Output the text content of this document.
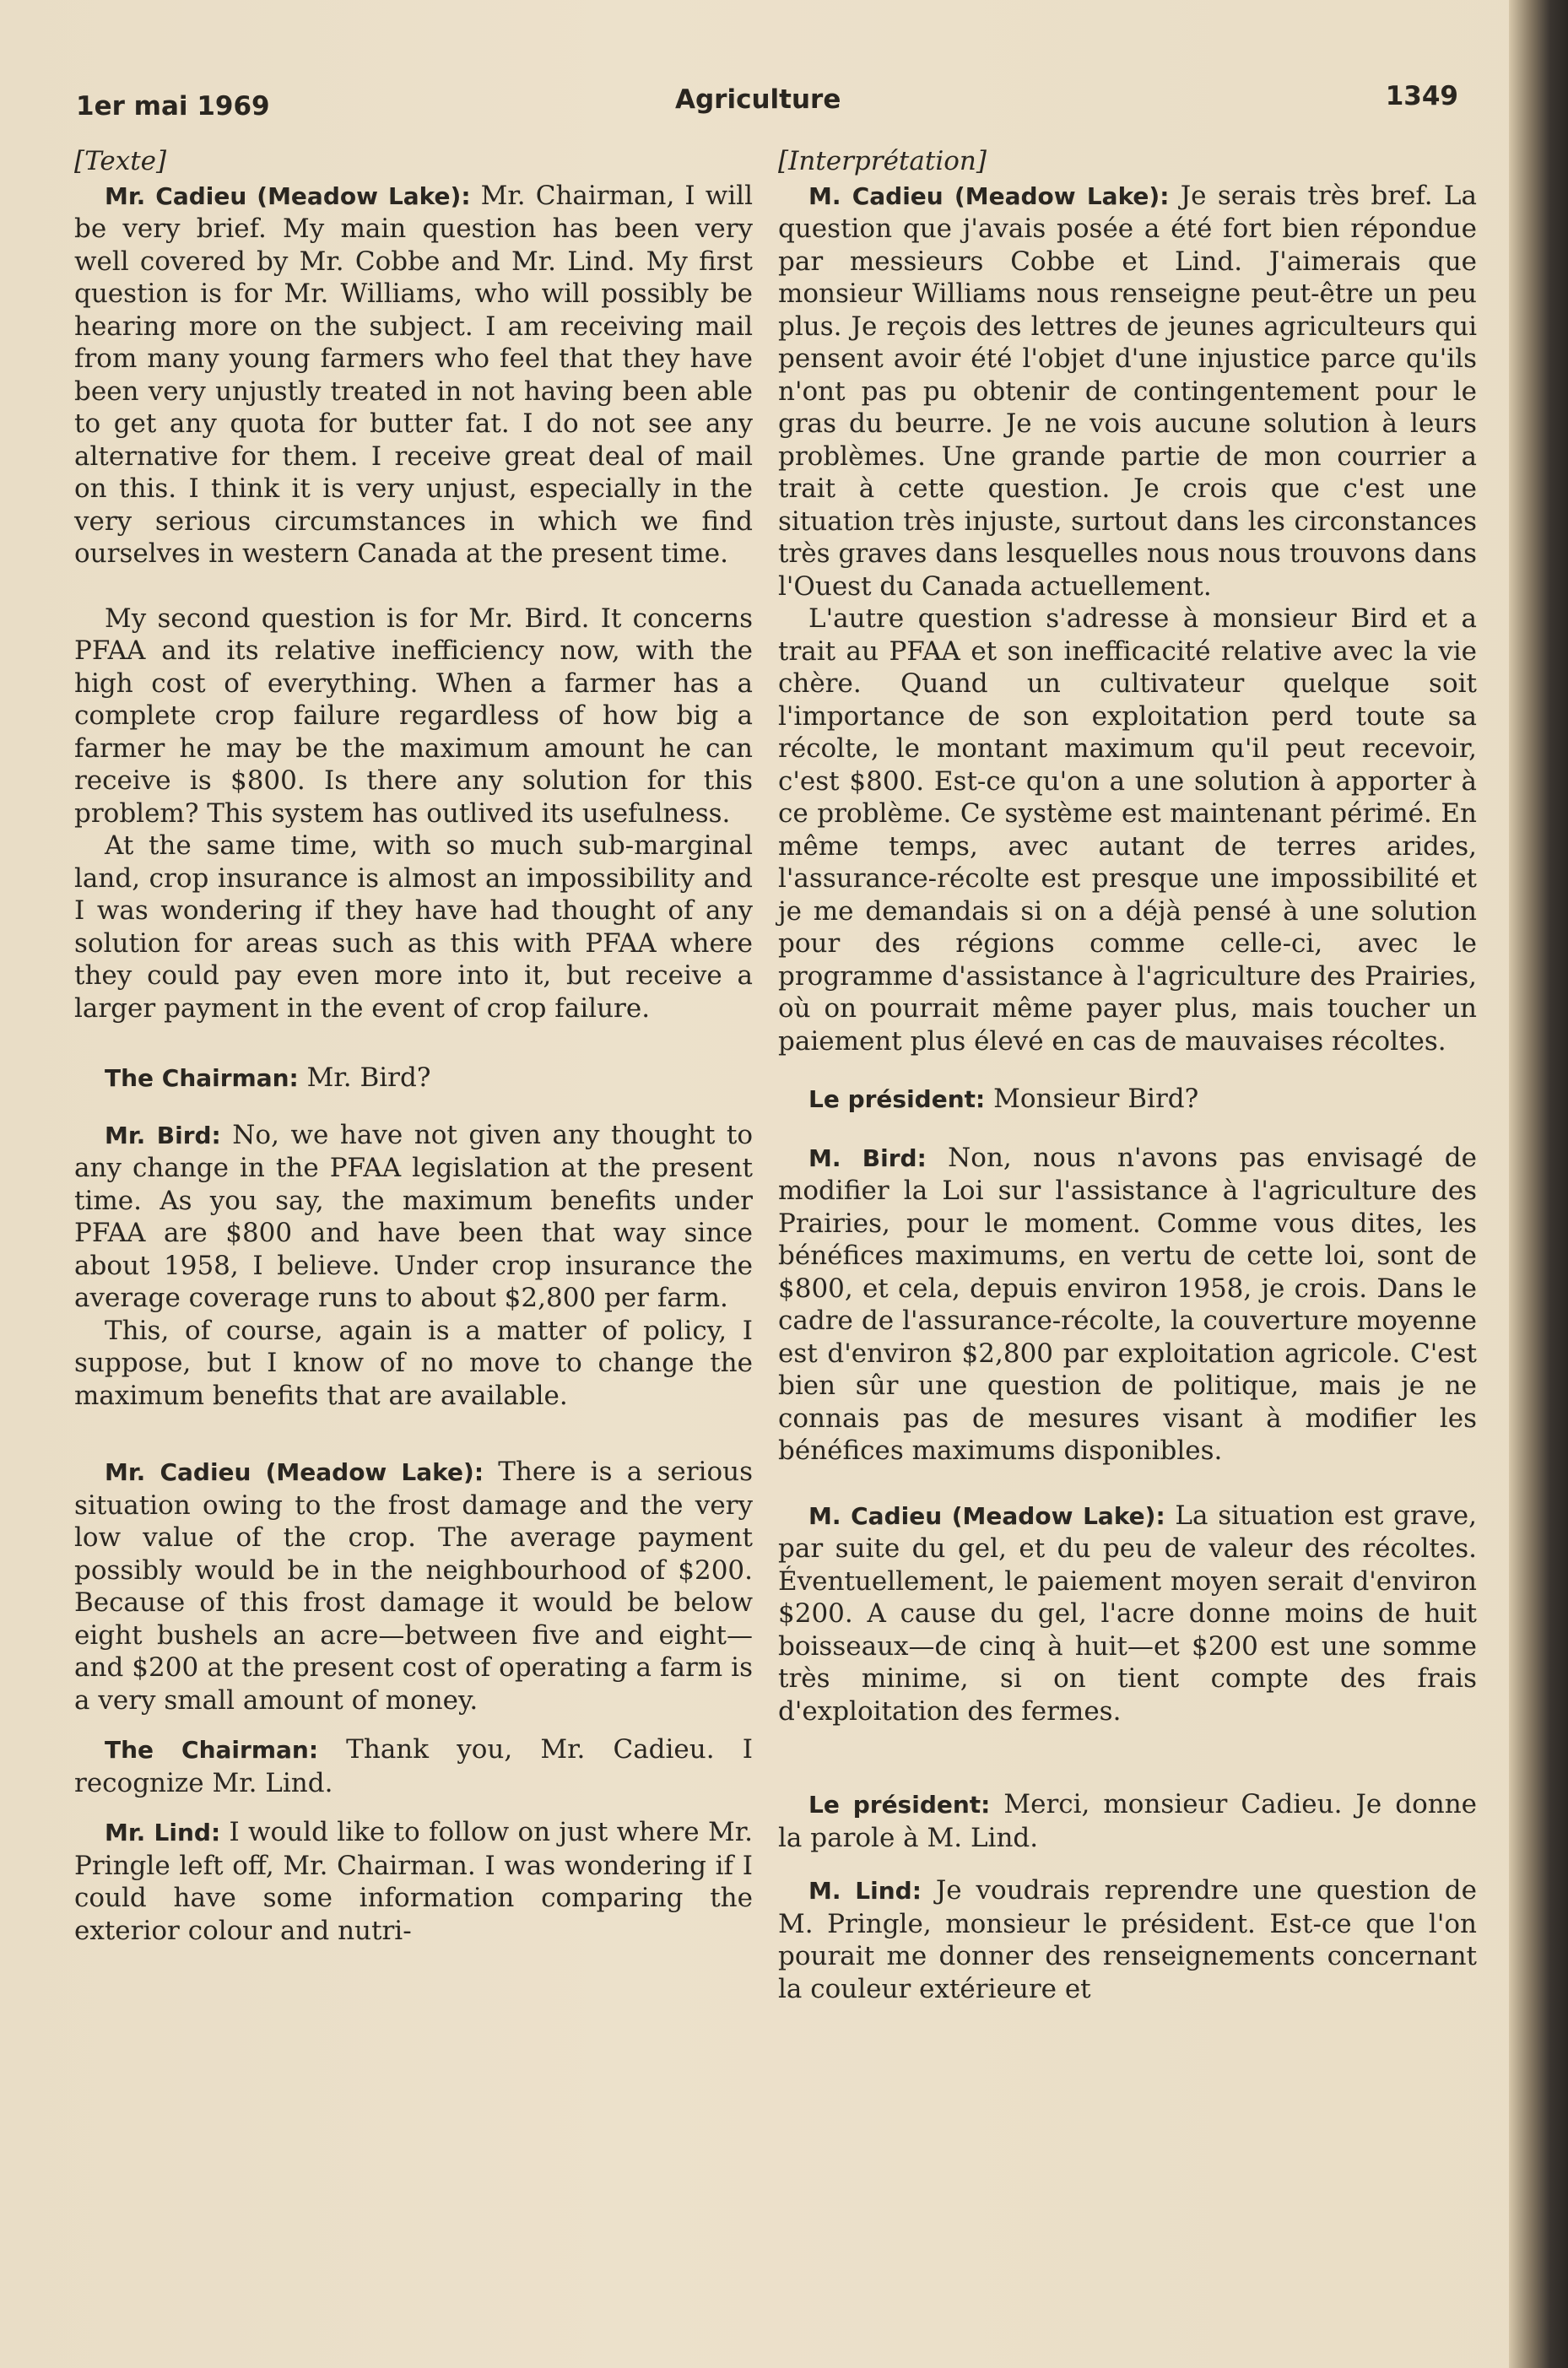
1er mai 1969	Agriculture	1349

[Texte]

Mr. Cadieu (Meadow Lake): Mr. Chairman, I will be very brief. My main question has been very well covered by Mr. Cobbe and Mr. Lind. My first question is for Mr. Williams, who will possibly be hearing more on the subject. I am receiving mail from many young farmers who feel that they have been very unjustly treated in not having been able to get any quota for butter fat. I do not see any alternative for them. I receive great deal of mail on this. I think it is very unjust, especially in the very serious circumstances in which we find ourselves in western Canada at the present time.

My second question is for Mr. Bird. It concerns PFAA and its relative inefficiency now, with the high cost of everything. When a farmer has a complete crop failure regardless of how big a farmer he may be the maximum amount he can receive is $800. Is there any solution for this problem? This system has outlived its usefulness.

At the same time, with so much sub-marginal land, crop insurance is almost an impossibility and I was wondering if they have had thought of any solution for areas such as this with PFAA where they could pay even more into it, but receive a larger payment in the event of crop failure.

The Chairman: Mr. Bird?

Mr. Bird: No, we have not given any thought to any change in the PFAA legislation at the present time. As you say, the maximum benefits under PFAA are $800 and have been that way since about 1958, I believe. Under crop insurance the average coverage runs to about $2,800 per farm.

This, of course, again is a matter of policy, I suppose, but I know of no move to change the maximum benefits that are available.

Mr. Cadieu (Meadow Lake): There is a serious situation owing to the frost damage and the very low value of the crop. The average payment possibly would be in the neighbourhood of $200. Because of this frost damage it would be below eight bushels an acre—between five and eight—and $200 at the present cost of operating a farm is a very small amount of money.

The Chairman: Thank you, Mr. Cadieu. I recognize Mr. Lind.

Mr. Lind: I would like to follow on just where Mr. Pringle left off, Mr. Chairman. I was wondering if I could have some information comparing the exterior colour and nutri-

[Interprétation]

M. Cadieu (Meadow Lake): Je serais très bref. La question que j'avais posée a été fort bien répondue par messieurs Cobbe et Lind. J'aimerais que monsieur Williams nous renseigne peut-être un peu plus. Je reçois des lettres de jeunes agriculteurs qui pensent avoir été l'objet d'une injustice parce qu'ils n'ont pas pu obtenir de contingentement pour le gras du beurre. Je ne vois aucune solution à leurs problèmes. Une grande partie de mon courrier a trait à cette question. Je crois que c'est une situation très injuste, surtout dans les circonstances très graves dans lesquelles nous nous trouvons dans l'Ouest du Canada actuellement.

L'autre question s'adresse à monsieur Bird et a trait au PFAA et son inefficacité relative avec la vie chère. Quand un cultivateur quelque soit l'importance de son exploitation perd toute sa récolte, le montant maximum qu'il peut recevoir, c'est $800. Est-ce qu'on a une solution à apporter à ce problème. Ce système est maintenant périmé. En même temps, avec autant de terres arides, l'assurance-récolte est presque une impossibilité et je me demandais si on a déjà pensé à une solution pour des régions comme celle-ci, avec le programme d'assistance à l'agriculture des Prairies, où on pourrait même payer plus, mais toucher un paiement plus élevé en cas de mauvaises récoltes.

Le président: Monsieur Bird?

M. Bird: Non, nous n'avons pas envisagé de modifier la Loi sur l'assistance à l'agriculture des Prairies, pour le moment. Comme vous dites, les bénéfices maximums, en vertu de cette loi, sont de $800, et cela, depuis environ 1958, je crois. Dans le cadre de l'assurance-récolte, la couverture moyenne est d'environ $2,800 par exploitation agricole. C'est bien sûr une question de politique, mais je ne connais pas de mesures visant à modifier les bénéfices maximums disponibles.

M. Cadieu (Meadow Lake): La situation est grave, par suite du gel, et du peu de valeur des récoltes. Éventuellement, le paiement moyen serait d'environ $200. A cause du gel, l'acre donne moins de huit boisseaux—de cinq à huit—et $200 est une somme très minime, si on tient compte des frais d'exploitation des fermes.

Le président: Merci, monsieur Cadieu. Je donne la parole à M. Lind.

M. Lind: Je voudrais reprendre une question de M. Pringle, monsieur le président. Est-ce que l'on pourait me donner des renseignements concernant la couleur extérieure et
